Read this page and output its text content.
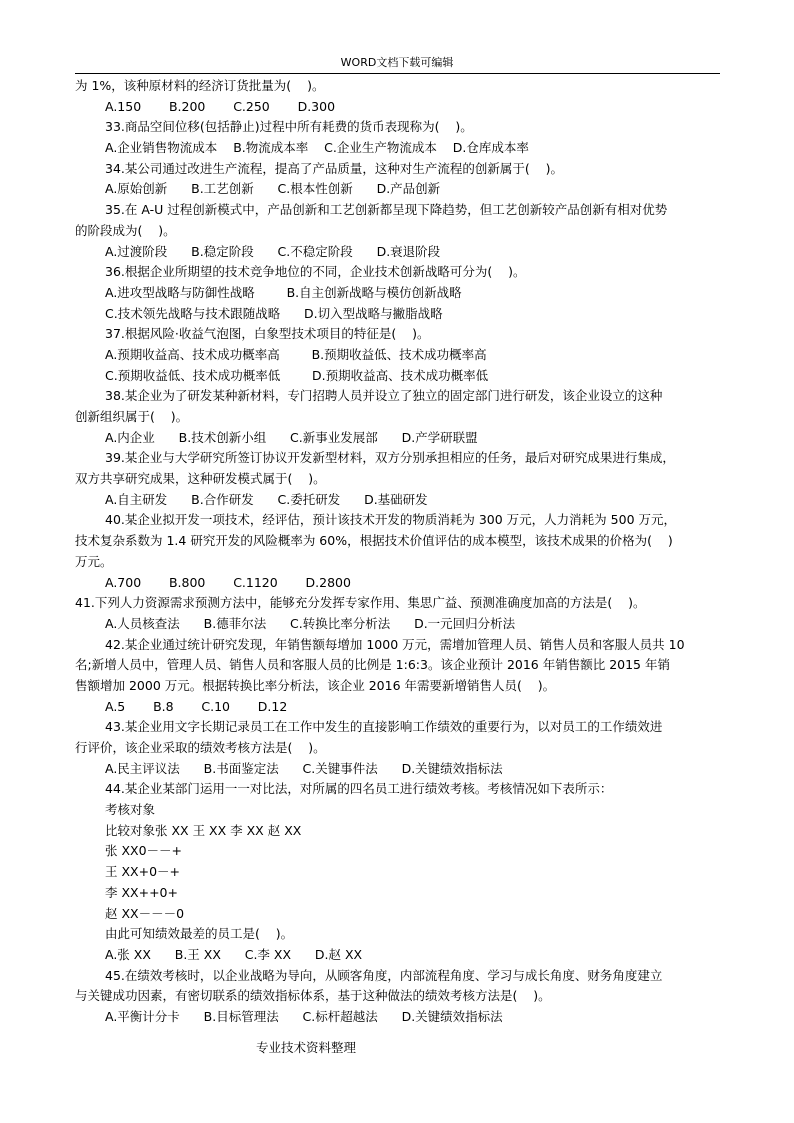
WORD文档下载可编辑
为 1%，该种原材料的经济订货批量为(    )。
A.150       B.200       C.250       D.300
33.商品空间位移(包括静止)过程中所有耗费的货币表现称为(    )。
A.企业销售物流成本    B.物流成本率    C.企业生产物流成本    D.仓库成本率
34.某公司通过改进生产流程，提高了产品质量，这种对生产流程的创新属于(    )。
A.原始创新      B.工艺创新      C.根本性创新      D.产品创新
35.在 A-U 过程创新模式中，产品创新和工艺创新都呈现下降趋势，但工艺创新较产品创新有相对优势
的阶段成为(    )。
A.过渡阶段      B.稳定阶段      C.不稳定阶段      D.衰退阶段
36.根据企业所期望的技术竞争地位的不同，企业技术创新战略可分为(    )。
A.进攻型战略与防御性战略        B.自主创新战略与模仿创新战略
C.技术领先战略与技术跟随战略      D.切入型战略与撇脂战略
37.根据风险·收益气泡图，白象型技术项目的特征是(    )。
A.预期收益高、技术成功概率高        B.预期收益低、技术成功概率高
C.预期收益低、技术成功概率低        D.预期收益高、技术成功概率低
38.某企业为了研发某种新材料，专门招聘人员并设立了独立的固定部门进行研发，该企业设立的这种
创新组织属于(    )。
A.内企业      B.技术创新小组      C.新事业发展部      D.产学研联盟
39.某企业与大学研究所签订协议开发新型材料，双方分别承担相应的任务，最后对研究成果进行集成，
双方共享研究成果，这种研发模式属于(    )。
A.自主研发      B.合作研发      C.委托研发      D.基础研发
40.某企业拟开发一项技术，经评估，预计该技术开发的物质消耗为 300 万元，人力消耗为 500 万元，
技术复杂系数为 1.4 研究开发的风险概率为 60%，根据技术价值评估的成本模型，该技术成果的价格为(    )
万元。
A.700       B.800       C.1120       D.2800
41.下列人力资源需求预测方法中，能够充分发挥专家作用、集思广益、预测准确度加高的方法是(    )。
A.人员核查法      B.德菲尔法      C.转换比率分析法      D.一元回归分析法
42.某企业通过统计研究发现，年销售额每增加 1000 万元，需增加管理人员、销售人员和客服人员共 10
名;新增人员中，管理人员、销售人员和客服人员的比例是 1:6:3。该企业预计 2016 年销售额比 2015 年销
售额增加 2000 万元。根据转换比率分析法，该企业 2016 年需要新增销售人员(    )。
A.5       B.8       C.10       D.12
43.某企业用文字长期记录员工在工作中发生的直接影响工作绩效的重要行为，以对员工的工作绩效进
行评价，该企业采取的绩效考核方法是(    )。
A.民主评议法      B.书面鉴定法      C.关键事件法      D.关键绩效指标法
44.某企业某部门运用一一对比法，对所属的四名员工进行绩效考核。考核情况如下表所示：
考核对象
比较对象张 XX 王 XX 李 XX 赵 XX
张 XX0－－+
王 XX+0－+
李 XX++0+
赵 XX－－－0
由此可知绩效最差的员工是(    )。
A.张 XX      B.王 XX      C.李 XX      D.赵 XX
45.在绩效考核时，以企业战略为导向，从顾客角度，内部流程角度、学习与成长角度、财务角度建立
与关键成功因素，有密切联系的绩效指标体系，基于这种做法的绩效考核方法是(    )。
A.平衡计分卡      B.目标管理法      C.标杆超越法      D.关键绩效指标法
专业技术资料整理
